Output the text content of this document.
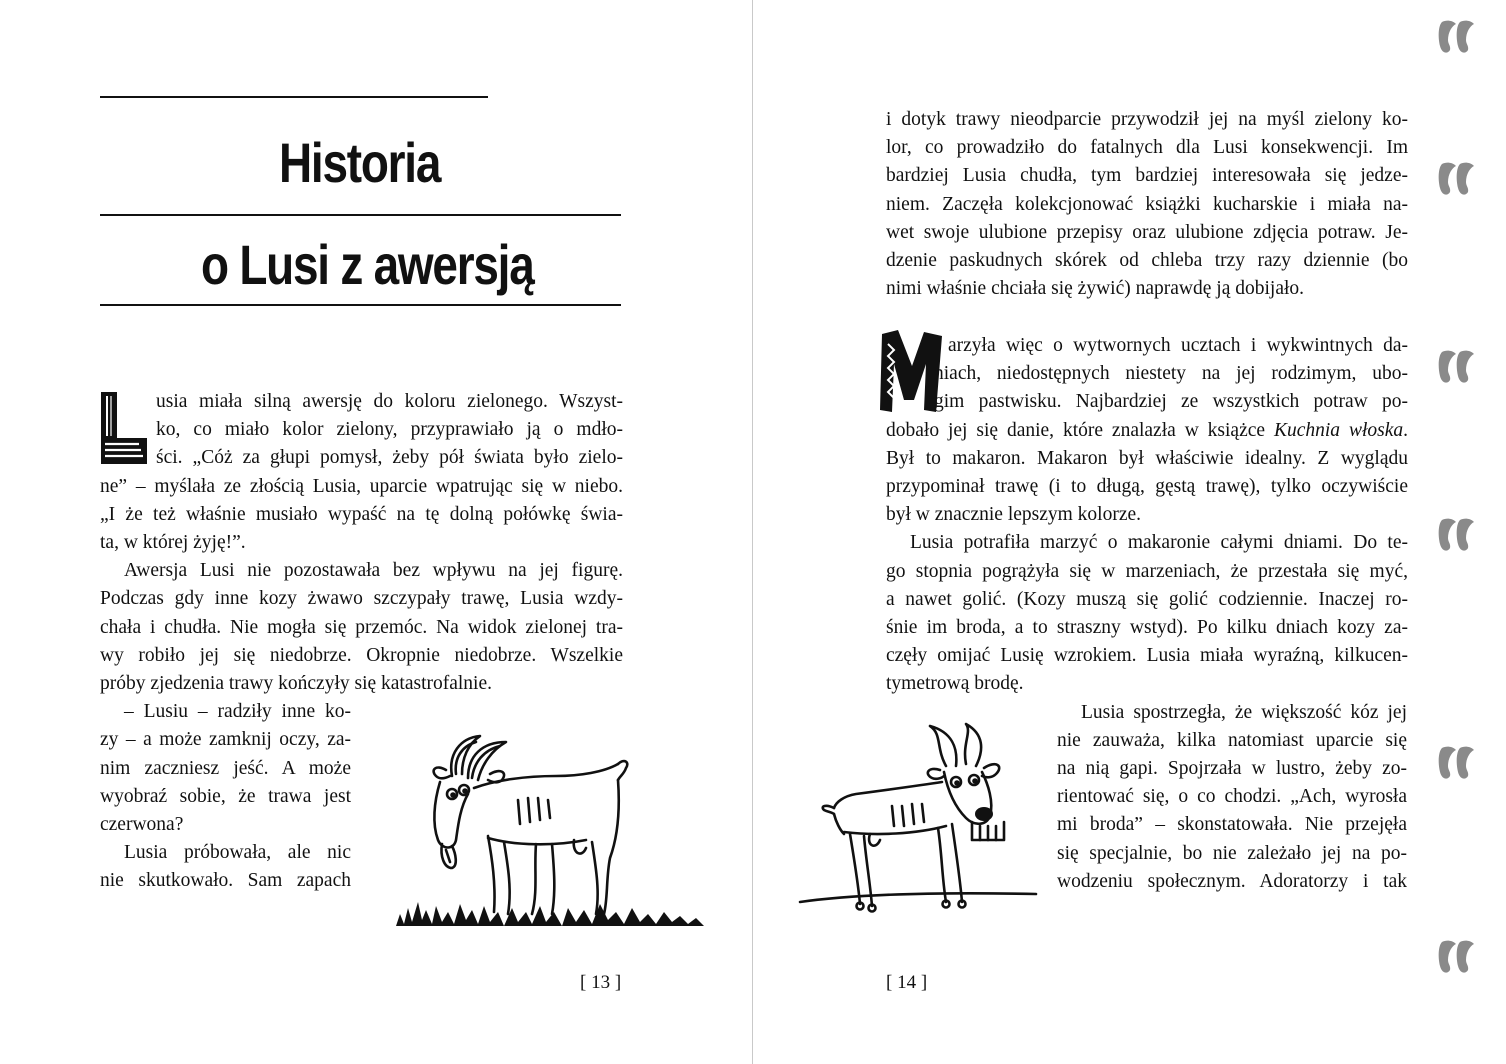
Historia
o Lusi z awersją
usia miała silną awersję do koloru zielonego. Wszyst-
ko, co miało kolor zielony, przyprawiało ją o mdło-
ści. „Cóż za głupi pomysł, żeby pół świata było zielo-
ne” – myślała ze złością Lusia, uparcie wpatrując się w niebo.
„I że też właśnie musiało wypaść na tę dolną połówkę świa-
ta, w której żyję!”.
Awersja Lusi nie pozostawała bez wpływu na jej figurę.
Podczas gdy inne kozy żwawo szczypały trawę, Lusia wzdy-
chała i chudła. Nie mogła się przemóc. Na widok zielonej tra-
wy robiło jej się niedobrze. Okropnie niedobrze. Wszelkie
próby zjedzenia trawy kończyły się katastrofalnie.
– Lusiu – radziły inne ko-
zy – a może zamknij oczy, za-
nim zaczniesz jeść. A może
wyobraź sobie, że trawa jest
czerwona?
Lusia próbowała, ale nic
nie skutkowało. Sam zapach
[ 13 ]
i dotyk trawy nieodparcie przywodził jej na myśl zielony ko-
lor, co prowadziło do fatalnych dla Lusi konsekwencji. Im
bardziej Lusia chudła, tym bardziej interesowała się jedze-
niem. Zaczęła kolekcjonować książki kucharskie i miała na-
wet swoje ulubione przepisy oraz ulubione zdjęcia potraw. Je-
dzenie paskudnych skórek od chleba trzy razy dziennie (bo
nimi właśnie chciała się żywić) naprawdę ją dobijało.
arzyła więc o wytwornych ucztach i wykwintnych da-
niach, niedostępnych niestety na jej rodzimym, ubo-
gim pastwisku. Najbardziej ze wszystkich potraw po-
dobało jej się danie, które znalazła w książce Kuchnia włoska.
Był to makaron. Makaron był właściwie idealny. Z wyglądu
przypominał trawę (i to długą, gęstą trawę), tylko oczywiście
był w znacznie lepszym kolorze.
Lusia potrafiła marzyć o makaronie całymi dniami. Do te-
go stopnia pogrążyła się w marzeniach, że przestała się myć,
a nawet golić. (Kozy muszą się golić codziennie. Inaczej ro-
śnie im broda, a to straszny wstyd). Po kilku dniach kozy za-
częły omijać Lusię wzrokiem. Lusia miała wyraźną, kilkucen-
tymetrową brodę.
Lusia spostrzegła, że większość kóz jej
nie zauważa, kilka natomiast uparcie się
na nią gapi. Spojrzała w lustro, żeby zo-
rientować się, o co chodzi. „Ach, wyrosła
mi broda” – skonstatowała. Nie przejęła
się specjalnie, bo nie zależało jej na po-
wodzeniu społecznym. Adoratorzy i tak
[ 14 ]
